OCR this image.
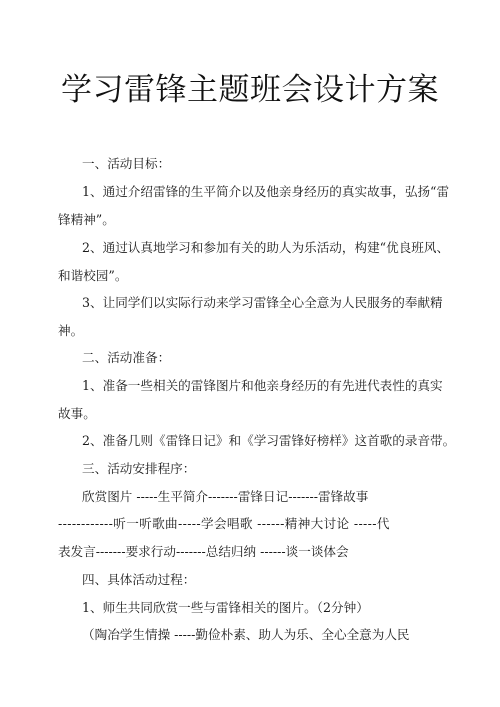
学习雷锋主题班会设计方案
一、活动目标：
1、通过介绍雷锋的生平简介以及他亲身经历的真实故事，弘扬“雷
锋精神”。
2、通过认真地学习和参加有关的助人为乐活动，构建“优良班风、
和谐校园”。
3、让同学们以实际行动来学习雷锋全心全意为人民服务的奉献精
神。
二、活动准备：
1、准备一些相关的雷锋图片和他亲身经历的有先进代表性的真实
故事。
2、准备几则《雷锋日记》和《学习雷锋好榜样》这首歌的录音带。
三、活动安排程序：
欣赏图片 -----生平简介-------雷锋日记-------雷锋故事
------------听一听歌曲-----学会唱歌 ------精神大讨论 -----代
表发言-------要求行动-------总结归纳 ------谈一谈体会
四、具体活动过程：
1、师生共同欣赏一些与雷锋相关的图片。（2分钟）
（陶冶学生情操 -----勤俭朴素、助人为乐、全心全意为人民
